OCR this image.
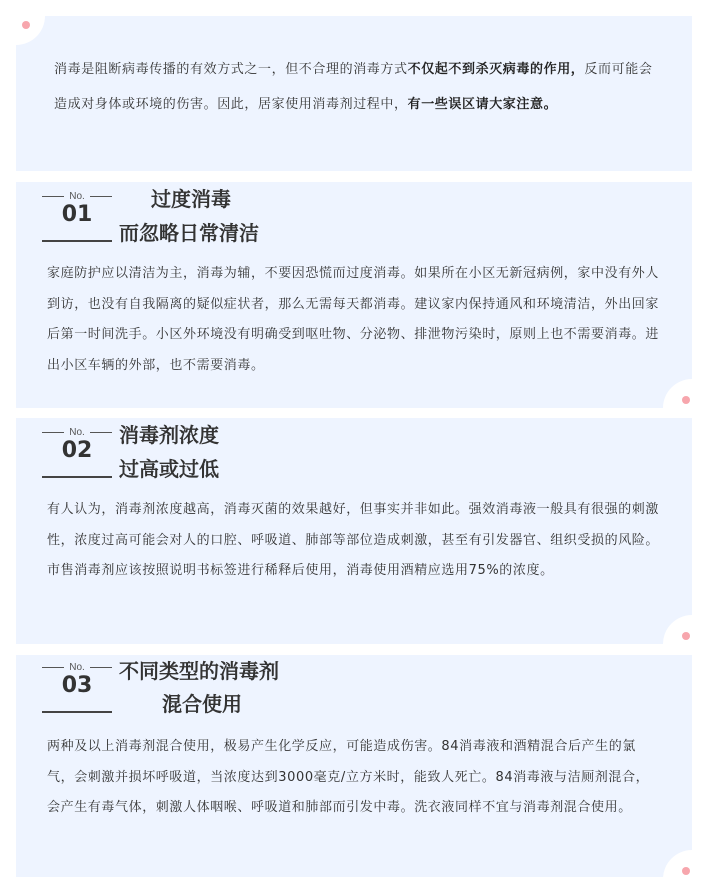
消毒是阻断病毒传播的有效方式之一，但不合理的消毒方式不仅起不到杀灭病毒的作用，反而可能会造成对身体或环境的伤害。因此，居家使用消毒剂过程中，有一些误区请大家注意。
No.
01
过度消毒
而忽略日常清洁
家庭防护应以清洁为主，消毒为辅，不要因恐慌而过度消毒。如果所在小区无新冠病例，家中没有外人到访，也没有自我隔离的疑似症状者，那么无需每天都消毒。建议家内保持通风和环境清洁，外出回家后第一时间洗手。小区外环境没有明确受到呕吐物、分泌物、排泄物污染时，原则上也不需要消毒。进出小区车辆的外部，也不需要消毒。
No.
02
消毒剂浓度
过高或过低
有人认为，消毒剂浓度越高，消毒灭菌的效果越好，但事实并非如此。强效消毒液一般具有很强的刺激性，浓度过高可能会对人的口腔、呼吸道、肺部等部位造成刺激，甚至有引发器官、组织受损的风险。市售消毒剂应该按照说明书标签进行稀释后使用，消毒使用酒精应选用75%的浓度。
No.
03
不同类型的消毒剂
混合使用
两种及以上消毒剂混合使用，极易产生化学反应，可能造成伤害。84消毒液和酒精混合后产生的氯气，会刺激并损坏呼吸道，当浓度达到3000毫克/立方米时，能致人死亡。84消毒液与洁厕剂混合，会产生有毒气体，刺激人体咽喉、呼吸道和肺部而引发中毒。洗衣液同样不宜与消毒剂混合使用。
